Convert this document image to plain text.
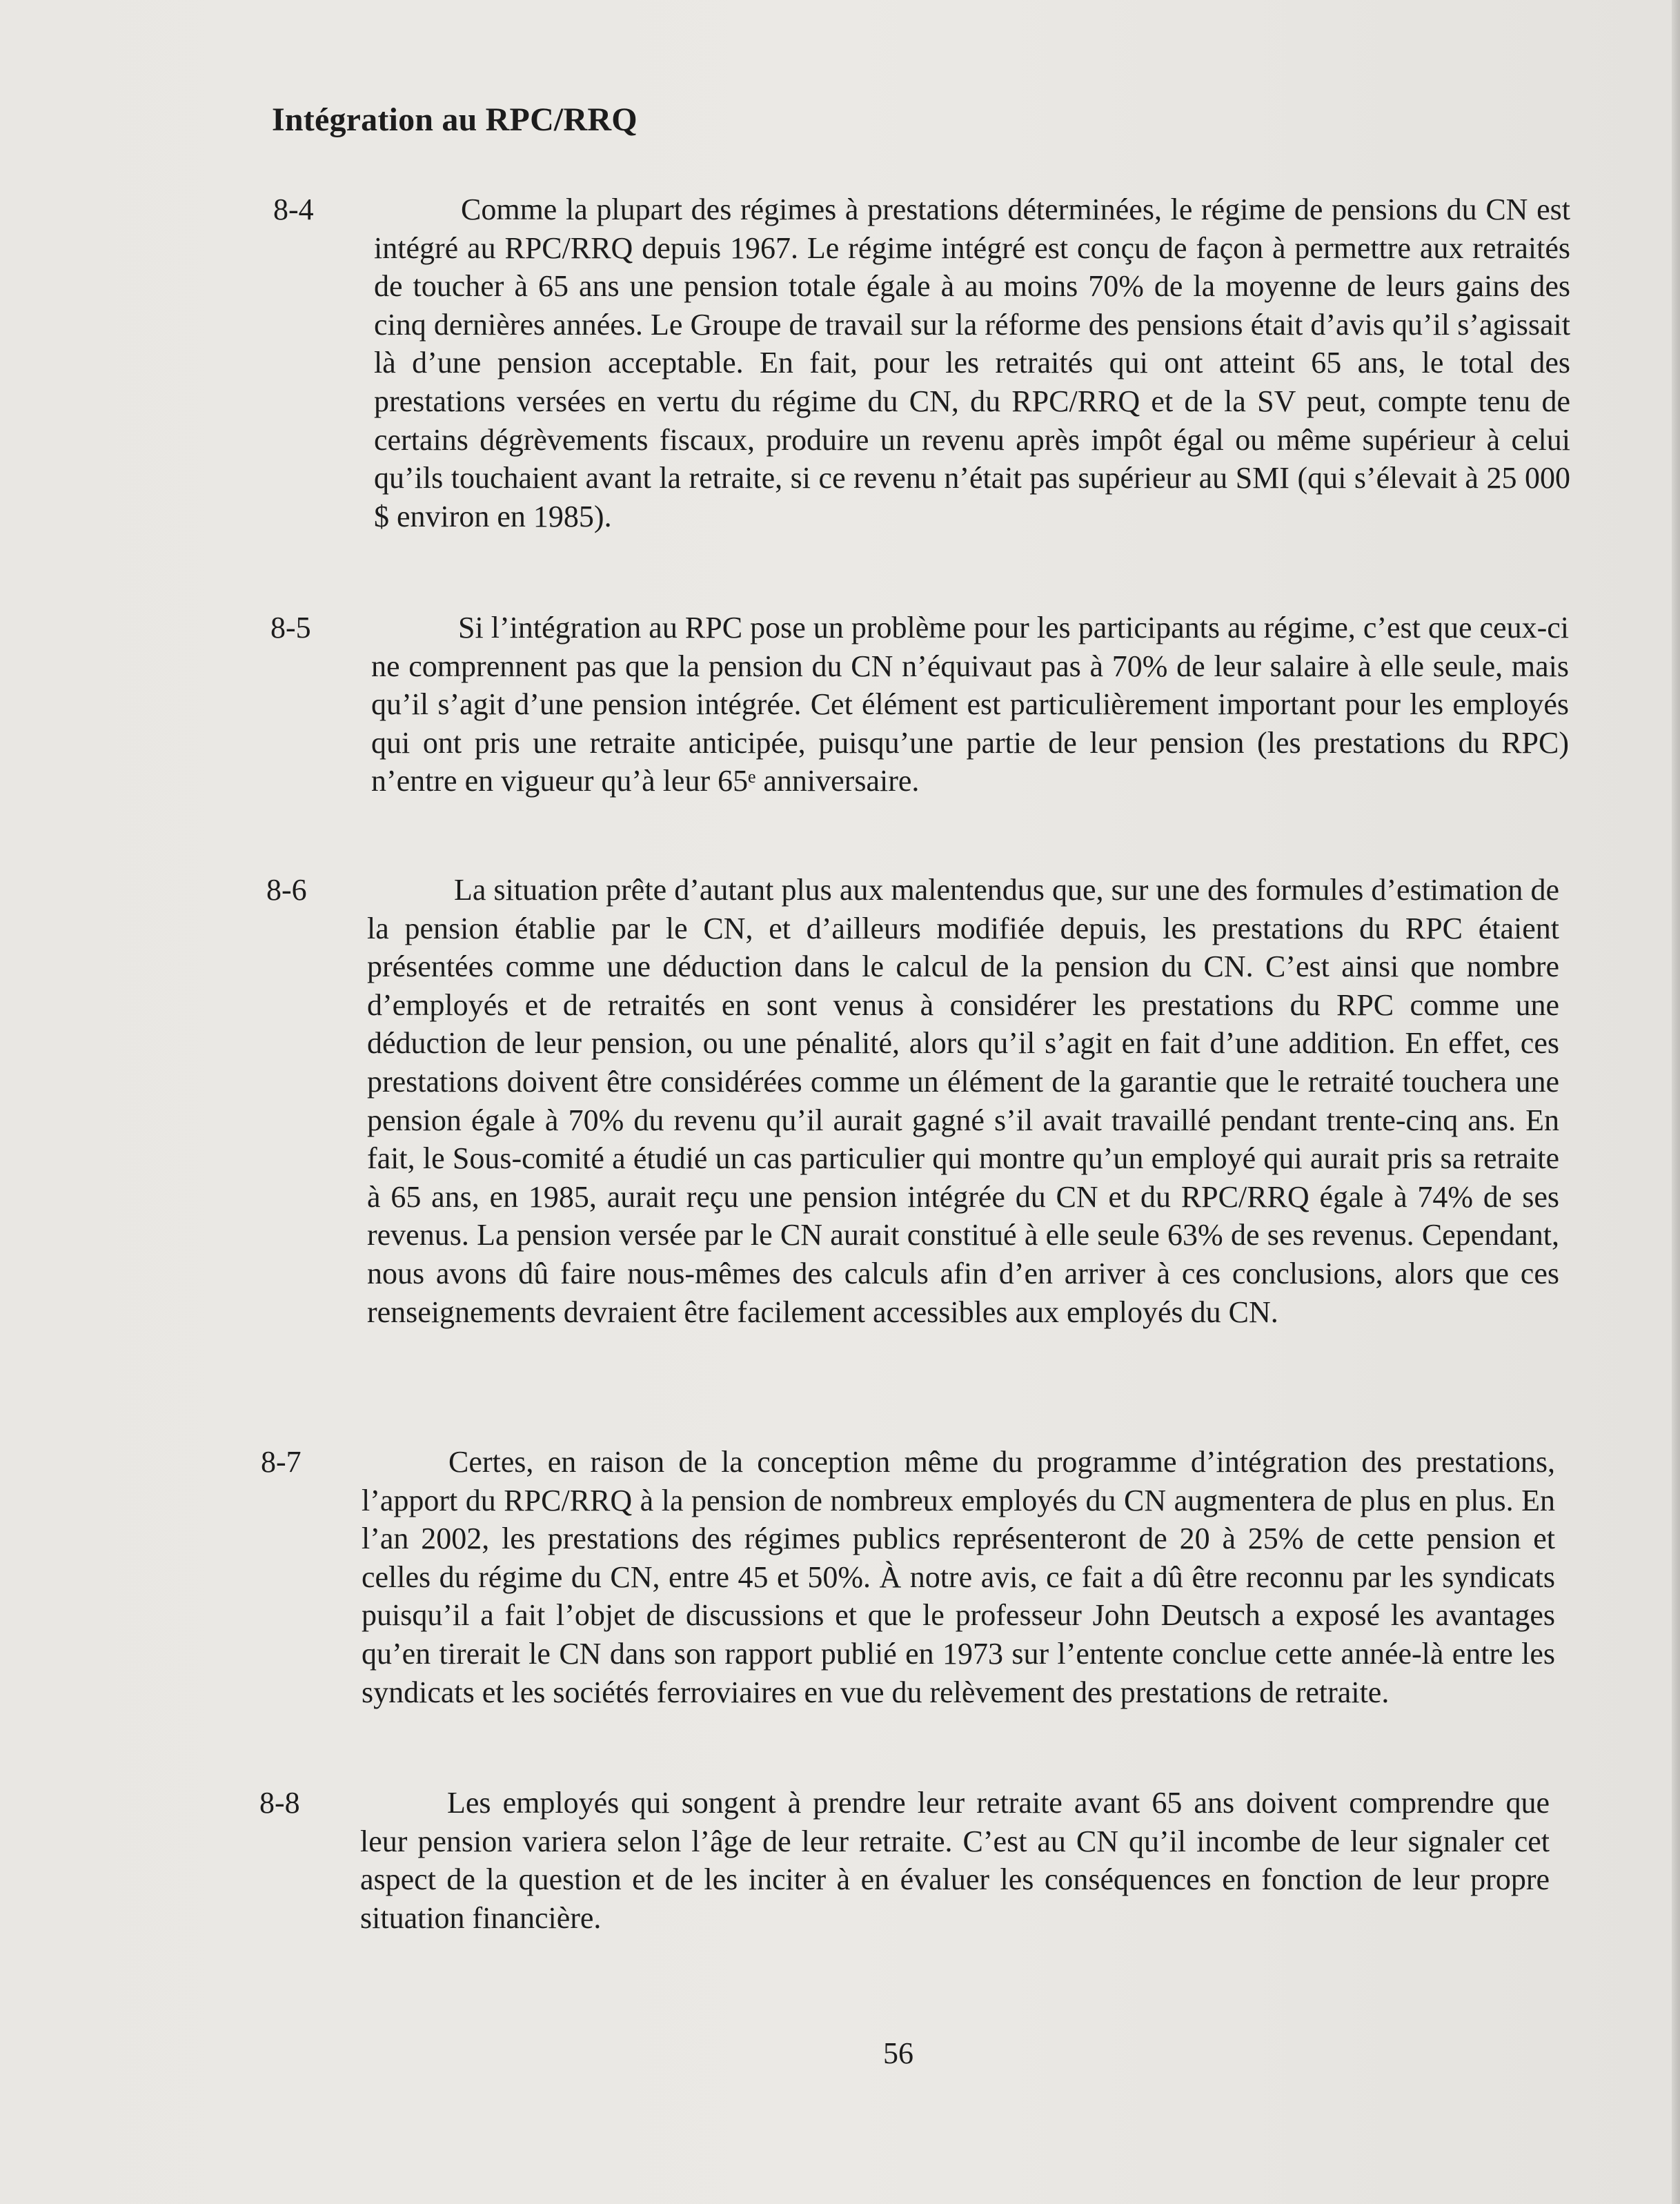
Intégration au RPC/RRQ
8-4	Comme la plupart des régimes à prestations déterminées, le régime de pensions du CN est intégré au RPC/RRQ depuis 1967. Le régime intégré est conçu de façon à permettre aux retraités de toucher à 65 ans une pension totale égale à au moins 70% de la moyenne de leurs gains des cinq dernières années. Le Groupe de travail sur la réforme des pensions était d’avis qu’il s’agissait là d’une pension acceptable. En fait, pour les retraités qui ont atteint 65 ans, le total des prestations versées en vertu du régime du CN, du RPC/RRQ et de la SV peut, compte tenu de certains dégrèvements fiscaux, produire un revenu après impôt égal ou même supérieur à celui qu’ils touchaient avant la retraite, si ce revenu n’était pas supérieur au SMI (qui s’élevait à 25 000 $ environ en 1985).

8-5	Si l’intégration au RPC pose un problème pour les participants au régime, c’est que ceux-ci ne comprennent pas que la pension du CN n’équivaut pas à 70% de leur salaire à elle seule, mais qu’il s’agit d’une pension intégrée. Cet élément est particulièrement important pour les employés qui ont pris une retraite anticipée, puisqu’une partie de leur pension (les prestations du RPC) n’entre en vigueur qu’à leur 65ᵉ anniversaire.

8-6	La situation prête d’autant plus aux malentendus que, sur une des formules d’estimation de la pension établie par le CN, et d’ailleurs modifiée depuis, les prestations du RPC étaient présentées comme une déduction dans le calcul de la pension du CN. C’est ainsi que nombre d’employés et de retraités en sont venus à considérer les prestations du RPC comme une déduction de leur pension, ou une pénalité, alors qu’il s’agit en fait d’une addition. En effet, ces prestations doivent être considérées comme un élément de la garantie que le retraité touchera une pension égale à 70% du revenu qu’il aurait gagné s’il avait travaillé pendant trente-cinq ans. En fait, le Sous-comité a étudié un cas particulier qui montre qu’un employé qui aurait pris sa retraite à 65 ans, en 1985, aurait reçu une pension intégrée du CN et du RPC/RRQ égale à 74% de ses revenus. La pension versée par le CN aurait constitué à elle seule 63% de ses revenus. Cependant, nous avons dû faire nous-mêmes des calculs afin d’en arriver à ces conclusions, alors que ces renseignements devraient être facilement accessibles aux employés du CN.

8-7	Certes, en raison de la conception même du programme d’intégration des prestations, l’apport du RPC/RRQ à la pension de nombreux employés du CN augmentera de plus en plus. En l’an 2002, les prestations des régimes publics représenteront de 20 à 25% de cette pension et celles du régime du CN, entre 45 et 50%. À notre avis, ce fait a dû être reconnu par les syndicats puisqu’il a fait l’objet de discussions et que le professeur John Deutsch a exposé les avantages qu’en tirerait le CN dans son rapport publié en 1973 sur l’entente conclue cette année-là entre les syndicats et les sociétés ferroviaires en vue du relèvement des prestations de retraite.

8-8	Les employés qui songent à prendre leur retraite avant 65 ans doivent comprendre que leur pension variera selon l’âge de leur retraite. C’est au CN qu’il incombe de leur signaler cet aspect de la question et de les inciter à en évaluer les conséquences en fonction de leur propre situation financière.

56
